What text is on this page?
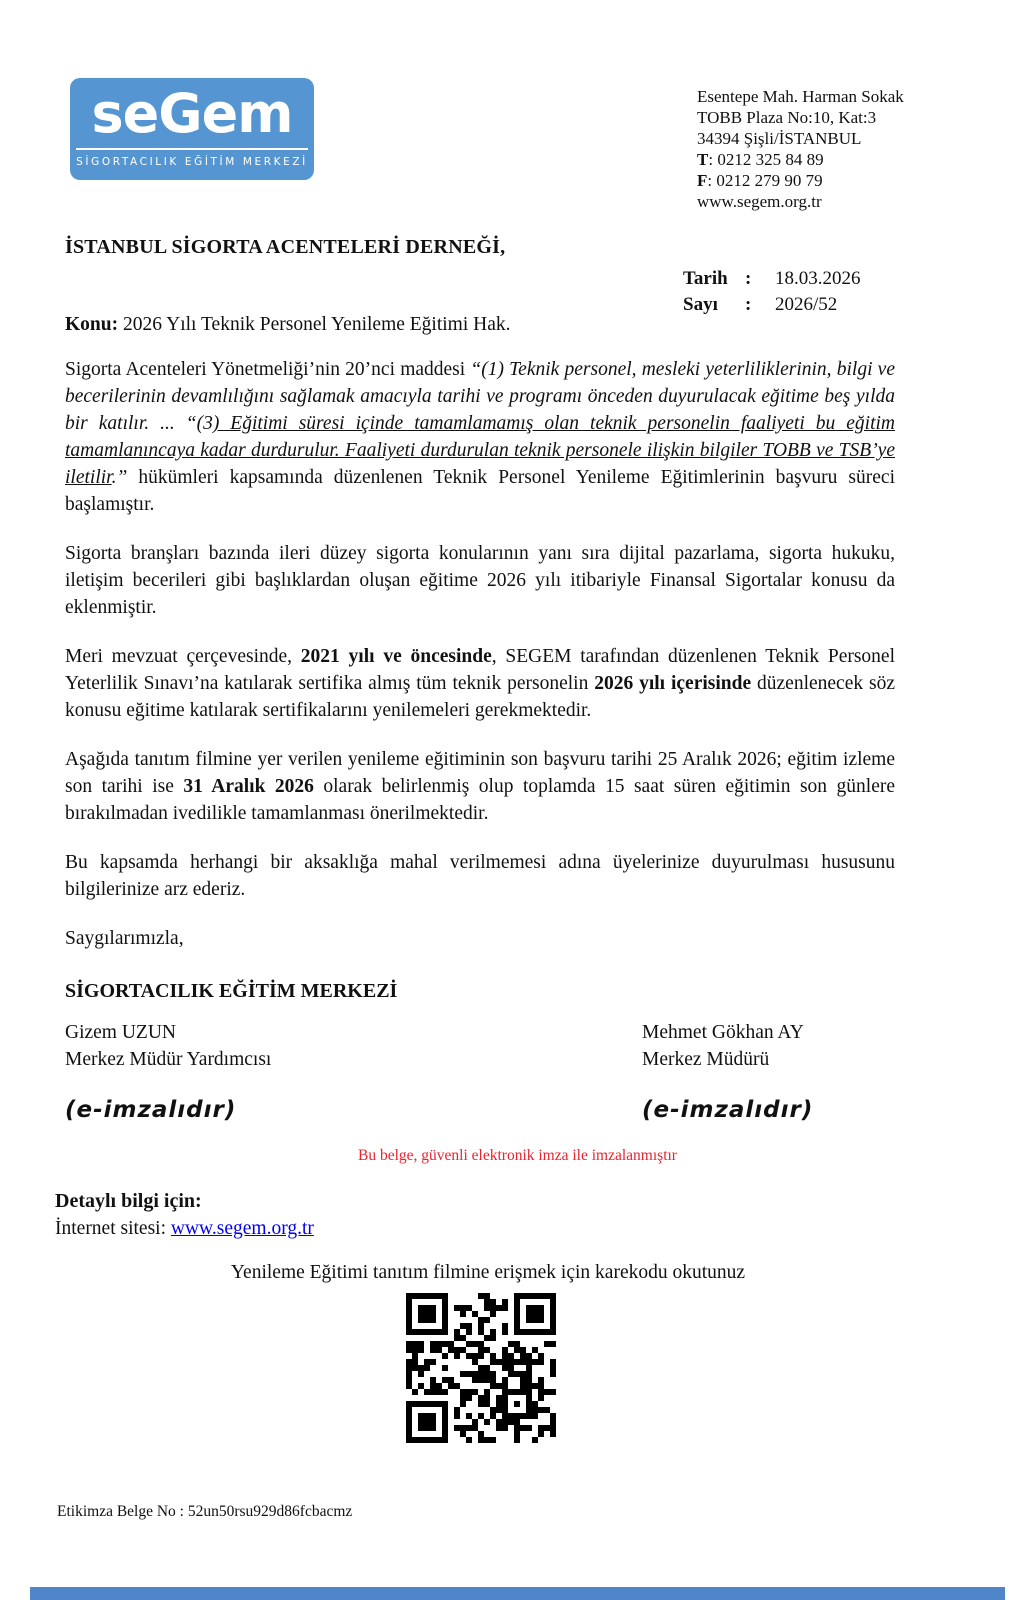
seGem
SİGORTACILIK EĞİTİM MERKEZİ
Esentepe Mah. Harman Sokak
TOBB Plaza No:10, Kat:3
34394 Şişli/İSTANBUL
T: 0212 325 84 89
F: 0212 279 90 79
www.segem.org.tr
İSTANBUL SİGORTA ACENTELERİ DERNEĞİ,
Tarih :	18.03.2026
Sayı	:	2026/52
Konu: 2026 Yılı Teknik Personel Yenileme Eğitimi Hak.

Sigorta Acenteleri Yönetmeliği’nin 20’nci maddesi “(1) Teknik personel, mesleki yeterliliklerinin, bilgi ve becerilerinin devamlılığını sağlamak amacıyla tarihi ve programı önceden duyurulacak eğitime beş yılda bir katılır. ... “(3) Eğitimi süresi içinde tamamlamamış olan teknik personelin faaliyeti bu eğitim tamamlanıncaya kadar durdurulur. Faaliyeti durdurulan teknik personele ilişkin bilgiler TOBB ve TSB’ye iletilir.” hükümleri kapsamında düzenlenen Teknik Personel Yenileme Eğitimlerinin başvuru süreci başlamıştır.

Sigorta branşları bazında ileri düzey sigorta konularının yanı sıra dijital pazarlama, sigorta hukuku, iletişim becerileri gibi başlıklardan oluşan eğitime 2026 yılı itibariyle Finansal Sigortalar konusu da eklenmiştir.

Meri mevzuat çerçevesinde, 2021 yılı ve öncesinde, SEGEM tarafından düzenlenen Teknik Personel Yeterlilik Sınavı’na katılarak sertifika almış tüm teknik personelin 2026 yılı içerisinde düzenlenecek söz konusu eğitime katılarak sertifikalarını yenilemeleri gerekmektedir.

Aşağıda tanıtım filmine yer verilen yenileme eğitiminin son başvuru tarihi 25 Aralık 2026; eğitim izleme son tarihi ise 31 Aralık 2026 olarak belirlenmiş olup toplamda 15 saat süren eğitimin son günlere bırakılmadan ivedilikle tamamlanması önerilmektedir.

Bu kapsamda herhangi bir aksaklığa mahal verilmemesi adına üyelerinize duyurulması hususunu bilgilerinize arz ederiz.

Saygılarımızla,

SİGORTACILIK EĞİTİM MERKEZİ

Gizem UZUN
Merkez Müdür Yardımcısı
(e-imzalıdır)
Mehmet Gökhan AY
Merkez Müdürü
(e-imzalıdır)
Bu belge, güvenli elektronik imza ile imzalanmıştır
Detaylı bilgi için:
İnternet sitesi: www.segem.org.tr
Yenileme Eğitimi tanıtım filmine erişmek için karekodu okutunuz
Etikimza Belge No : 52un50rsu929d86fcbacmz
